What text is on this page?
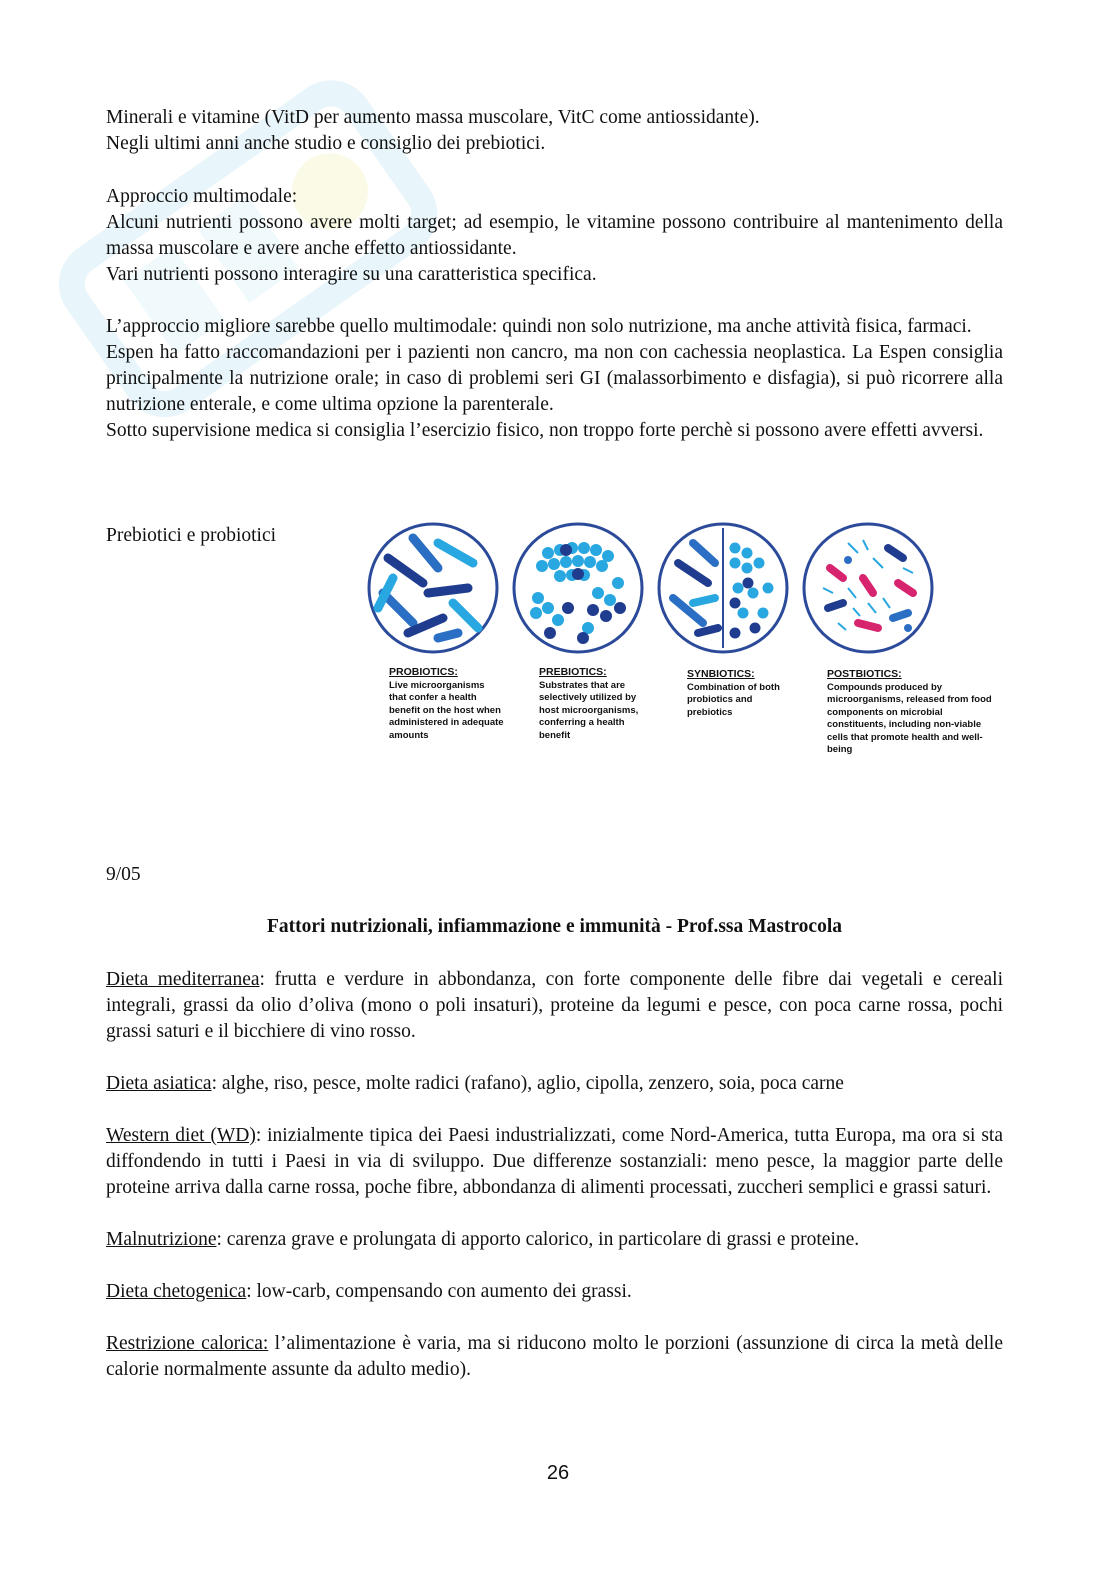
Minerali e vitamine (VitD per aumento massa muscolare, VitC come antiossidante).

Negli ultimi anni anche studio e consiglio dei prebiotici.

Approccio multimodale:

Alcuni nutrienti possono avere molti target; ad esempio, le vitamine possono contribuire al mantenimento della massa muscolare e avere anche effetto antiossidante.

Vari nutrienti possono interagire su una caratteristica specifica.

L’approccio migliore sarebbe quello multimodale: quindi non solo nutrizione, ma anche attività fisica, farmaci.

Espen ha fatto raccomandazioni per i pazienti non cancro, ma non con cachessia neoplastica. La Espen consiglia principalmente la nutrizione orale; in caso di problemi seri GI (malassorbimento e disfagia), si può ricorrere alla nutrizione enterale, e come ultima opzione la parenterale.

Sotto supervisione medica si consiglia l’esercizio fisico, non troppo forte perchè si possono avere effetti avversi.

Prebiotici e probiotici

PROBIOTICS:
Live microorganisms that confer a health benefit on the host when administered in adequate amounts
PREBIOTICS:
Substrates that are selectively utilized by host microorganisms, conferring a health benefit
SYNBIOTICS:
Combination of both probiotics and prebiotics
POSTBIOTICS:
Compounds produced by microorganisms, released from food components on microbial constituents, including non-viable cells that promote health and well-being

9/05

Fattori nutrizionali, infiammazione e immunità - Prof.ssa Mastrocola

Dieta mediterranea: frutta e verdure in abbondanza, con forte componente delle fibre dai vegetali e cereali integrali, grassi da olio d’oliva (mono o poli insaturi), proteine da legumi e pesce, con poca carne rossa, pochi grassi saturi e il bicchiere di vino rosso.

Dieta asiatica: alghe, riso, pesce, molte radici (rafano), aglio, cipolla, zenzero, soia, poca carne

Western diet (WD): inizialmente tipica dei Paesi industrializzati, come Nord-America, tutta Europa, ma ora si sta diffondendo in tutti i Paesi in via di sviluppo. Due differenze sostanziali: meno pesce, la maggior parte delle proteine arriva dalla carne rossa, poche fibre, abbondanza di alimenti processati, zuccheri semplici e grassi saturi.

Malnutrizione: carenza grave e prolungata di apporto calorico, in particolare di grassi e proteine.

Dieta chetogenica: low-carb, compensando con aumento dei grassi.

Restrizione calorica: l’alimentazione è varia, ma si riducono molto le porzioni (assunzione di circa la metà delle calorie normalmente assunte da adulto medio).

26
